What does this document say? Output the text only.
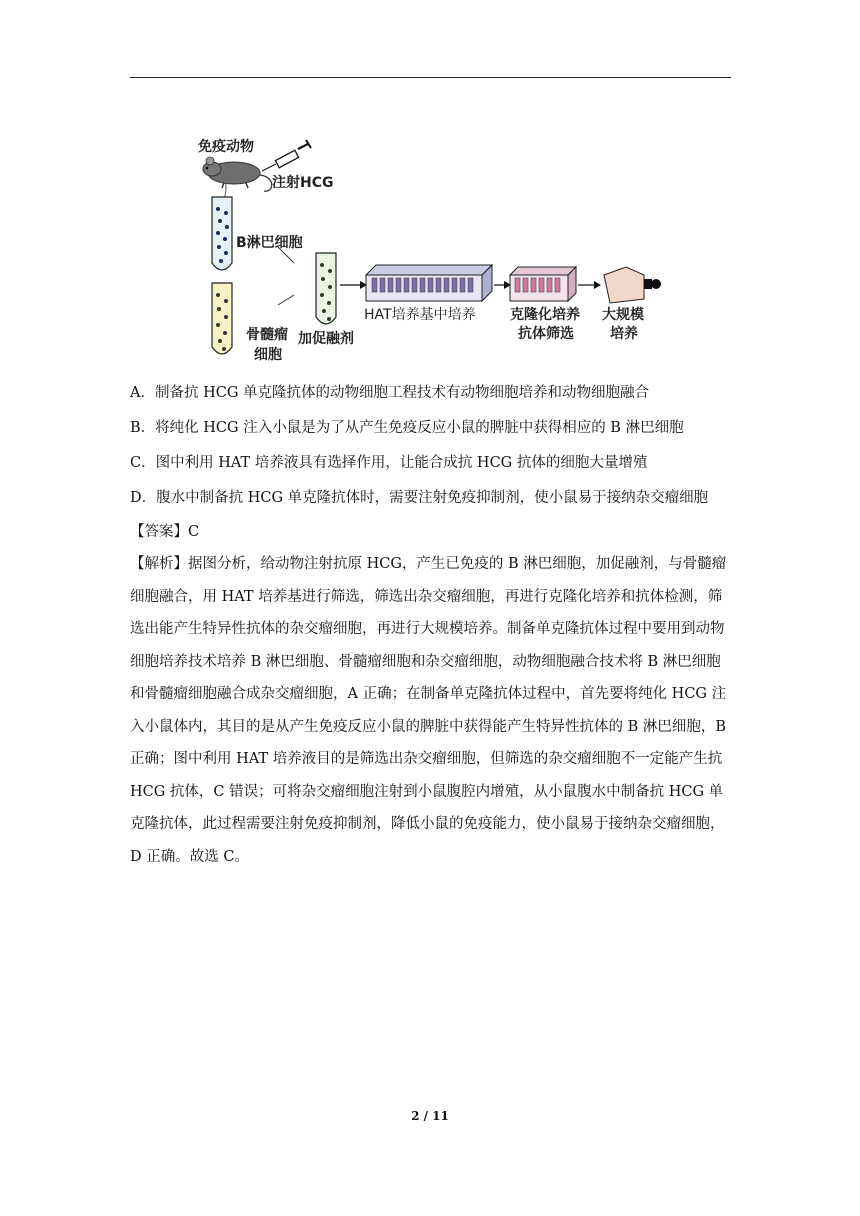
免疫动物
注射HCG
B淋巴细胞
骨髓瘤
细胞
加促融剂
HAT培养基中培养 克隆化培养
抗体筛选
大规模
培养
A．制备抗 HCG 单克隆抗体的动物细胞工程技术有动物细胞培养和动物细胞融合
B．将纯化 HCG 注入小鼠是为了从产生免疫反应小鼠的脾脏中获得相应的 B 淋巴细胞
C．图中利用 HAT 培养液具有选择作用，让能合成抗 HCG 抗体的细胞大量增殖
D．腹水中制备抗 HCG 单克隆抗体时，需要注射免疫抑制剂，使小鼠易于接纳杂交瘤细胞
【答案】C
【解析】据图分析，给动物注射抗原 HCG，产生已免疫的 B 淋巴细胞，加促融剂，与骨髓瘤细胞融合，用 HAT 培养基进行筛选，筛选出杂交瘤细胞，再进行克隆化培养和抗体检测，筛选出能产生特异性抗体的杂交瘤细胞，再进行大规模培养。制备单克隆抗体过程中要用到动物细胞培养技术培养 B 淋巴细胞、骨髓瘤细胞和杂交瘤细胞，动物细胞融合技术将 B 淋巴细胞和骨髓瘤细胞融合成杂交瘤细胞，A 正确；在制备单克隆抗体过程中，首先要将纯化 HCG 注入小鼠体内，其目的是从产生免疫反应小鼠的脾脏中获得能产生特异性抗体的 B 淋巴细胞，B 正确；图中利用 HAT 培养液目的是筛选出杂交瘤细胞，但筛选的杂交瘤细胞不一定能产生抗 HCG 抗体，C 错误；可将杂交瘤细胞注射到小鼠腹腔内增殖，从小鼠腹水中制备抗 HCG 单克隆抗体，此过程需要注射免疫抑制剂，降低小鼠的免疫能力，使小鼠易于接纳杂交瘤细胞，D 正确。故选 C。
2 / 11
